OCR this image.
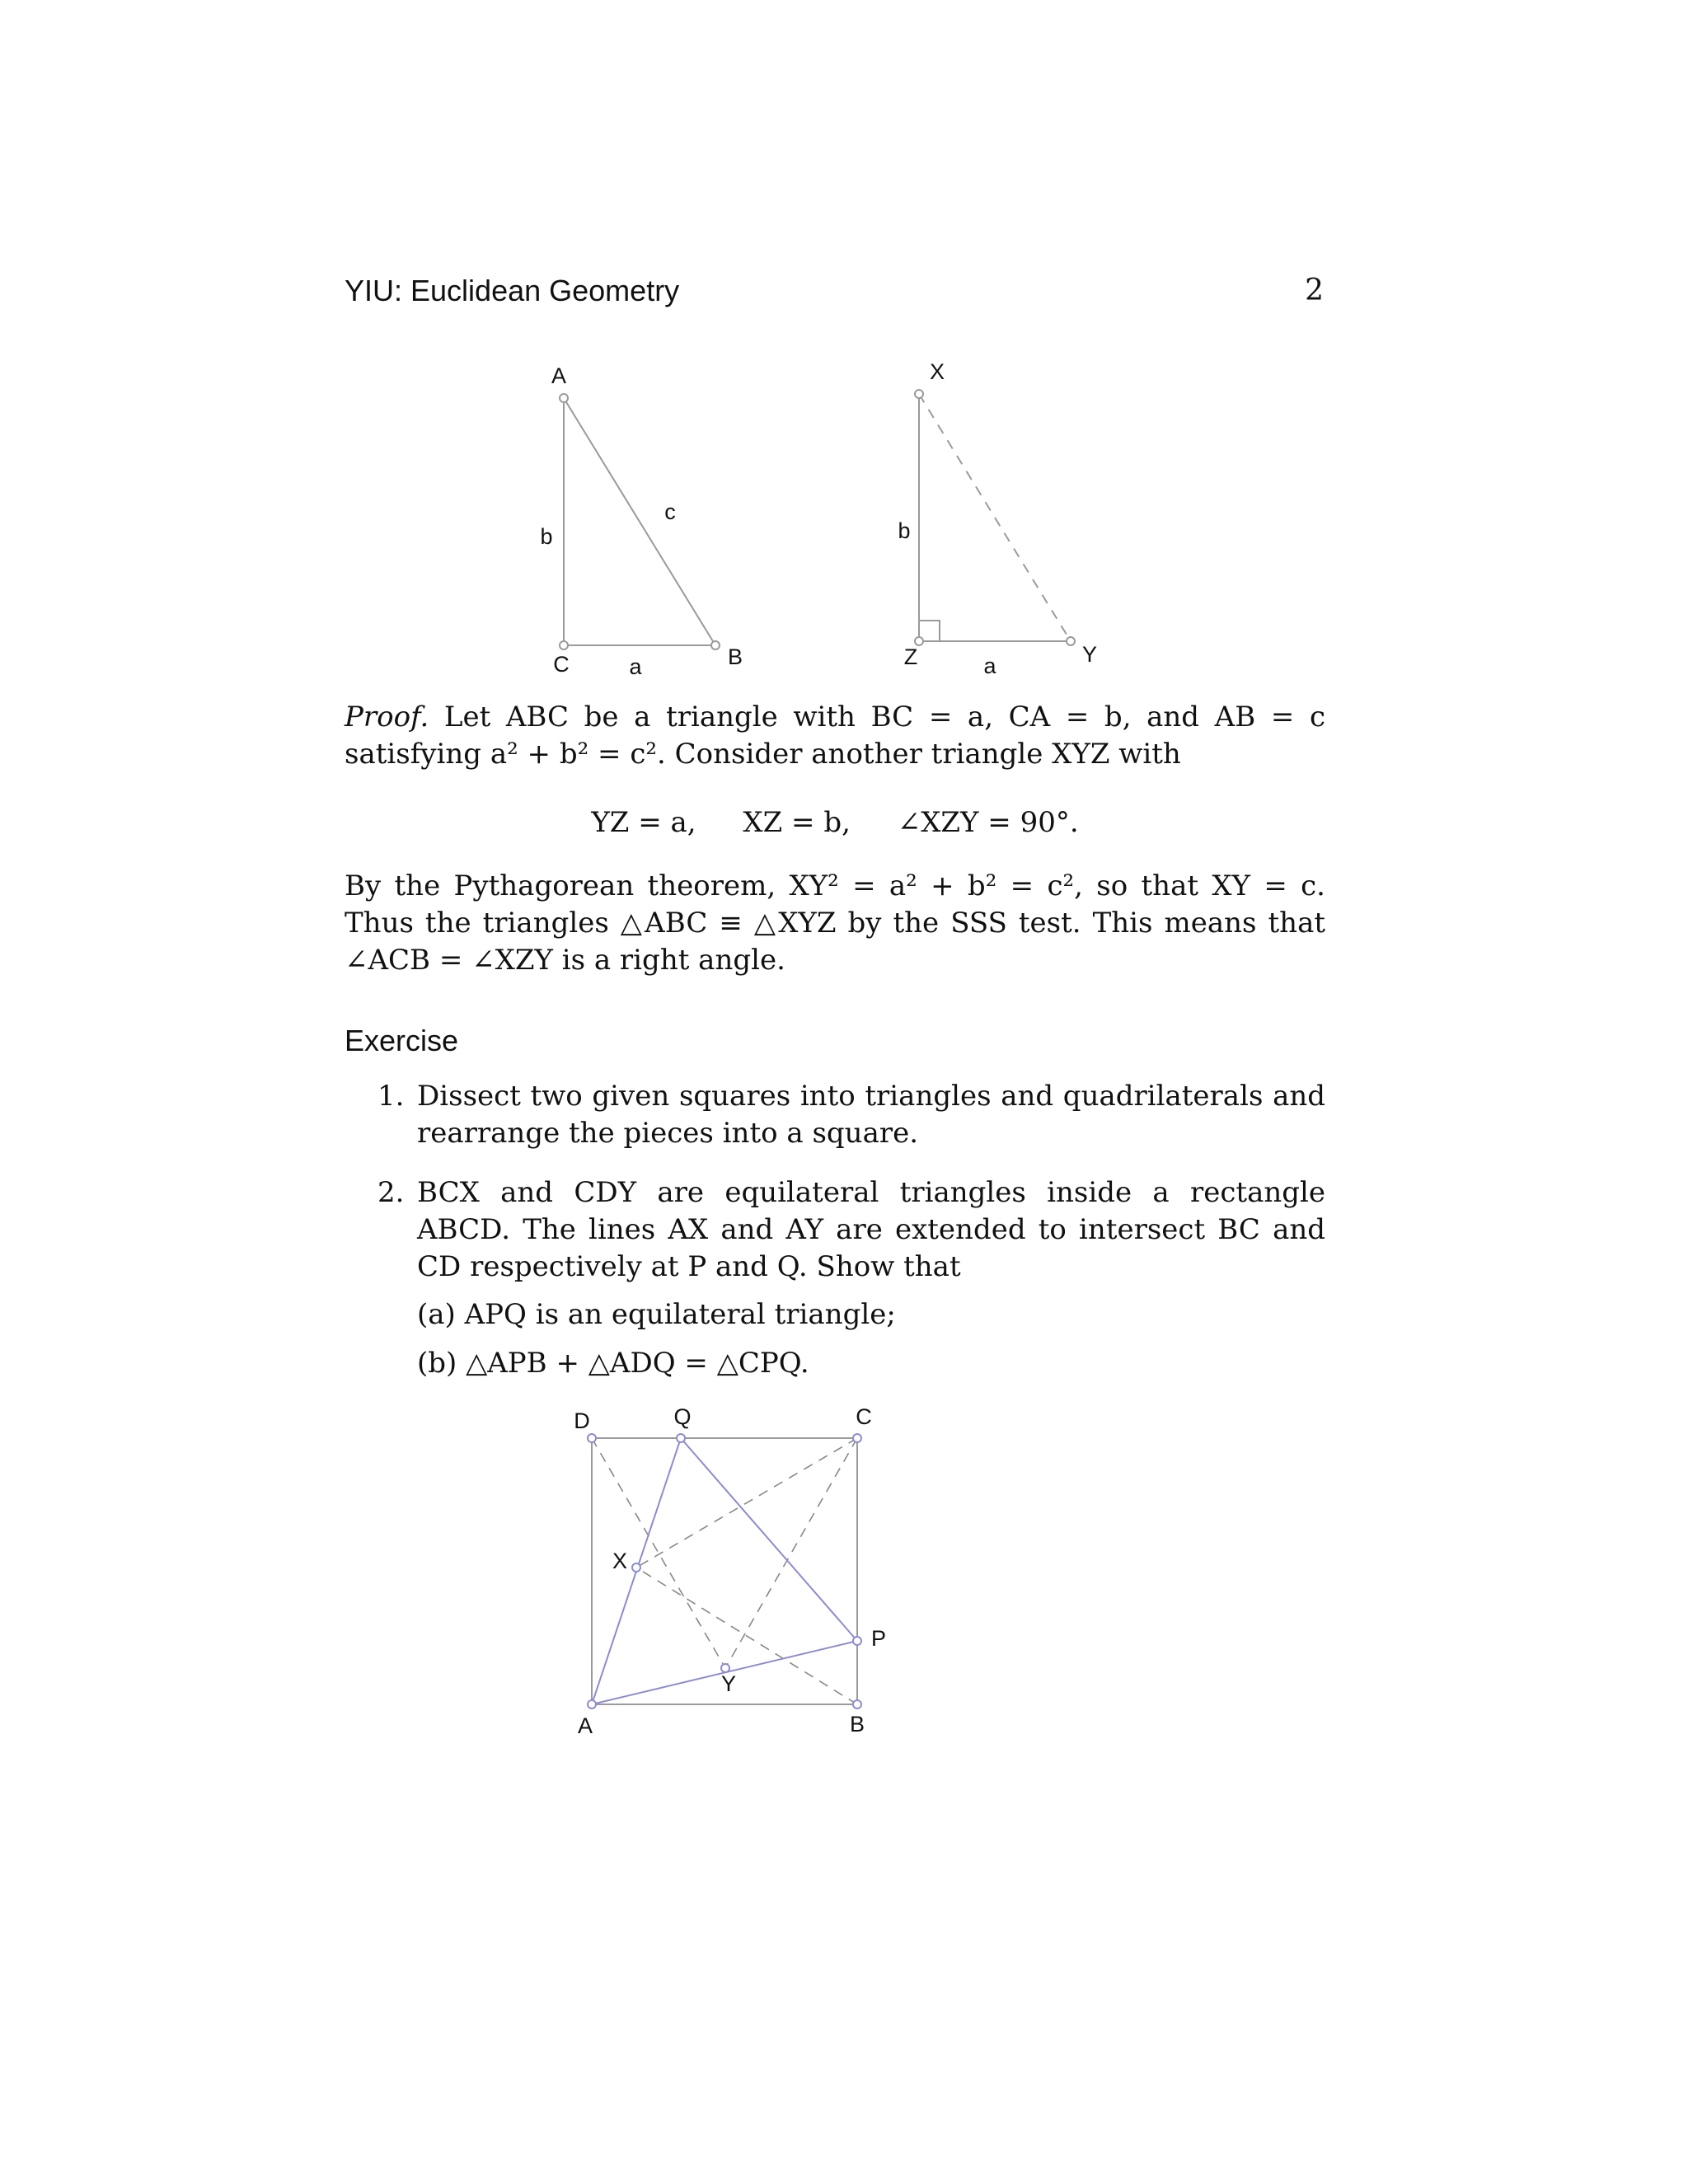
YIU: Euclidean Geometry	2
A
C	B
b
c
a
X
Z	Y
b
a
Proof. Let ABC be a triangle with BC = a, CA = b, and AB = c satisfying a² + b² = c². Consider another triangle XYZ with
YZ = a, XZ = b, ∠XZY = 90°.
By the Pythagorean theorem, XY² = a² + b² = c², so that XY = c. Thus the triangles △ABC ≡ △XYZ by the SSS test. This means that ∠ACB = ∠XZY is a right angle.
Exercise
1. Dissect two given squares into triangles and quadrilaterals and rearrange the pieces into a square.
2. BCX and CDY are equilateral triangles inside a rectangle ABCD. The lines AX and AY are extended to intersect BC and CD respectively at P and Q. Show that
(a) APQ is an equilateral triangle;
(b) △APB + △ADQ = △CPQ.
D	Q	C
X
P
Y
A	B
